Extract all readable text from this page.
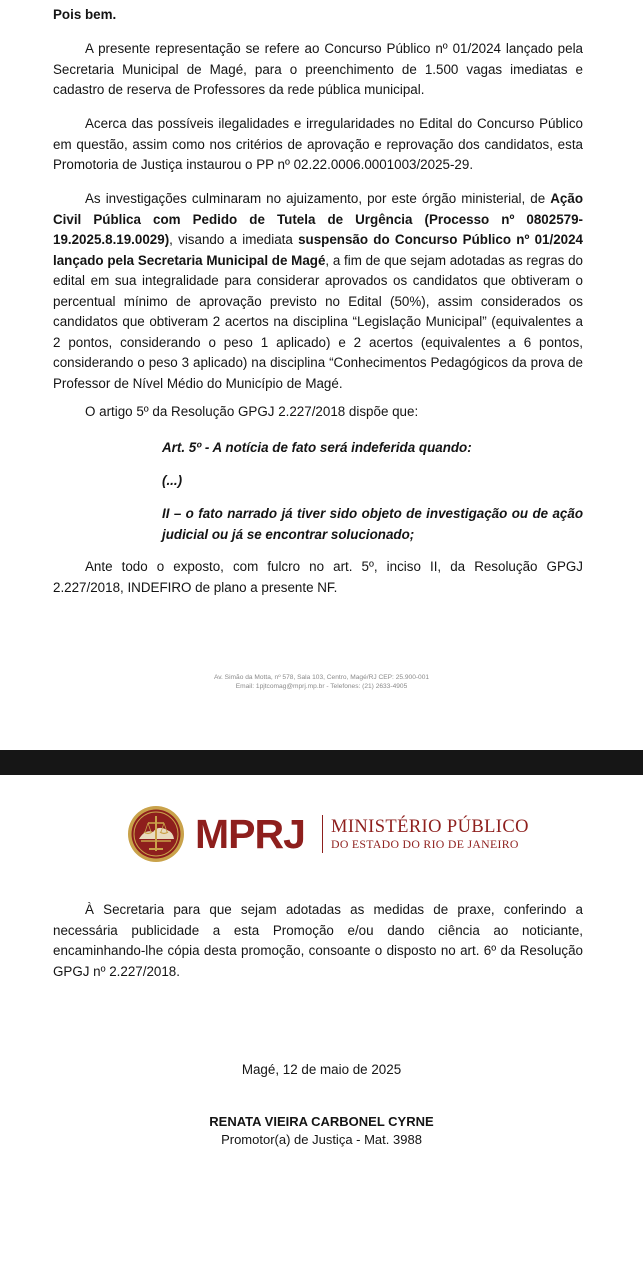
Pois bem.

A presente representação se refere ao Concurso Público nº 01/2024 lançado pela Secretaria Municipal de Magé, para o preenchimento de 1.500 vagas imediatas e cadastro de reserva de Professores da rede pública municipal.

Acerca das possíveis ilegalidades e irregularidades no Edital do Concurso Público em questão, assim como nos critérios de aprovação e reprovação dos candidatos, esta Promotoria de Justiça instaurou o PP nº 02.22.0006.0001003/2025-29.

As investigações culminaram no ajuizamento, por este órgão ministerial, de Ação Civil Pública com Pedido de Tutela de Urgência (Processo nº 0802579-19.2025.8.19.0029), visando a imediata suspensão do Concurso Público nº 01/2024 lançado pela Secretaria Municipal de Magé, a fim de que sejam adotadas as regras do edital em sua integralidade para considerar aprovados os candidatos que obtiveram o percentual mínimo de aprovação previsto no Edital (50%), assim considerados os candidatos que obtiveram 2 acertos na disciplina “Legislação Municipal” (equivalentes a 2 pontos, considerando o peso 1 aplicado) e 2 acertos (equivalentes a 6 pontos, considerando o peso 3 aplicado) na disciplina “Conhecimentos Pedagógicos da prova de Professor de Nível Médio do Município de Magé.

O artigo 5º da Resolução GPGJ 2.227/2018 dispõe que:

Art. 5º - A notícia de fato será indeferida quando:

(...)

II – o fato narrado já tiver sido objeto de investigação ou de ação judicial ou já se encontrar solucionado;

Ante todo o exposto, com fulcro no art. 5º, inciso II, da Resolução GPGJ 2.227/2018, INDEFIRO de plano a presente NF.

Av. Simão da Motta, nº 578, Sala 103, Centro, Magé/RJ CEP: 25.900-001
Email: 1pjtcomag@mprj.mp.br - Telefones: (21) 2633-4905
MPRJ MINISTÉRIO PÚBLICO
DO ESTADO DO RIO DE JANEIRO

À Secretaria para que sejam adotadas as medidas de praxe, conferindo a necessária publicidade a esta Promoção e/ou dando ciência ao noticiante, encaminhando-lhe cópia desta promoção, consoante o disposto no art. 6º da Resolução GPGJ nº 2.227/2018.

Magé, 12 de maio de 2025

RENATA VIEIRA CARBONEL CYRNE

Promotor(a) de Justiça - Mat. 3988
